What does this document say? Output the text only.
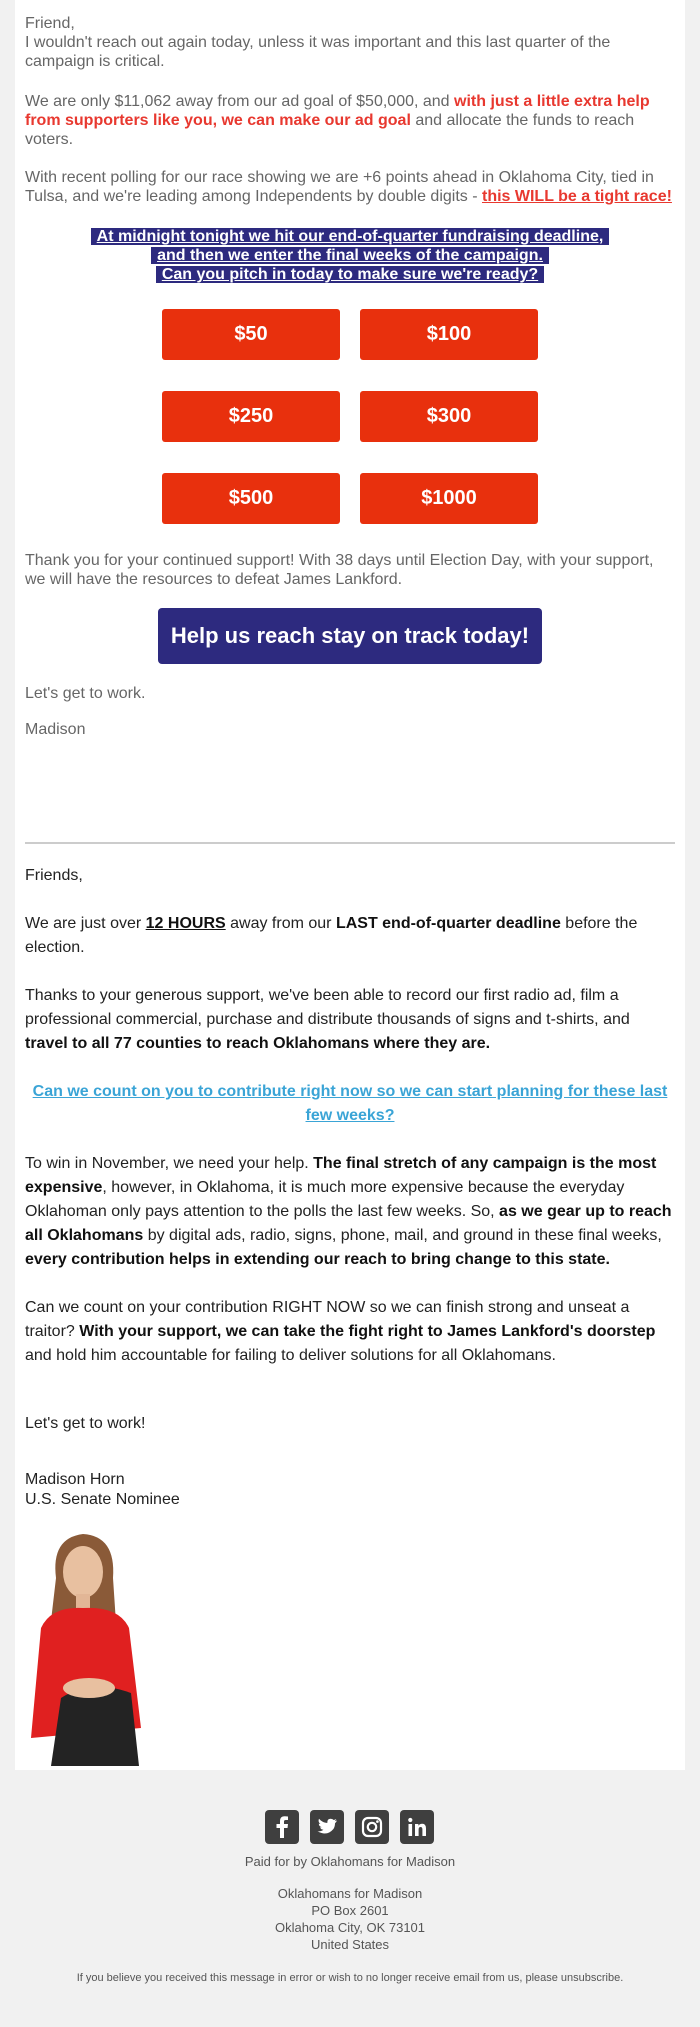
Friend,
I wouldn't reach out again today, unless it was important and this last quarter of the campaign is critical.
We are only $11,062 away from our ad goal of $50,000, and with just a little extra help from supporters like you, we can make our ad goal and allocate the funds to reach voters.
With recent polling for our race showing we are +6 points ahead in Oklahoma City, tied in Tulsa, and we're leading among Independents by double digits - this WILL be a tight race!
At midnight tonight we hit our end-of-quarter fundraising deadline,
and then we enter the final weeks of the campaign.
Can you pitch in today to make sure we're ready?
$50	$100
$250	$300
$500	$1000
Thank you for your continued support! With 38 days until Election Day, with your support, we will have the resources to defeat James Lankford.
Help us reach stay on track today!
Let's get to work.
Madison
Friends,
We are just over 12 HOURS away from our LAST end-of-quarter deadline before the election.
Thanks to your generous support, we've been able to record our first radio ad, film a professional commercial, purchase and distribute thousands of signs and t-shirts, and travel to all 77 counties to reach Oklahomans where they are.
Can we count on you to contribute right now so we can start planning for these last few weeks?
To win in November, we need your help. The final stretch of any campaign is the most expensive, however, in Oklahoma, it is much more expensive because the everyday Oklahoman only pays attention to the polls the last few weeks. So, as we gear up to reach all Oklahomans by digital ads, radio, signs, phone, mail, and ground in these final weeks, every contribution helps in extending our reach to bring change to this state.
Can we count on your contribution RIGHT NOW so we can finish strong and unseat a traitor? With your support, we can take the fight right to James Lankford's doorstep and hold him accountable for failing to deliver solutions for all Oklahomans.
Let's get to work!
Madison Horn
U.S. Senate Nominee
Paid for by Oklahomans for Madison
Oklahomans for Madison
PO Box 2601
Oklahoma City, OK 73101
United States
If you believe you received this message in error or wish to no longer receive email from us, please unsubscribe.
